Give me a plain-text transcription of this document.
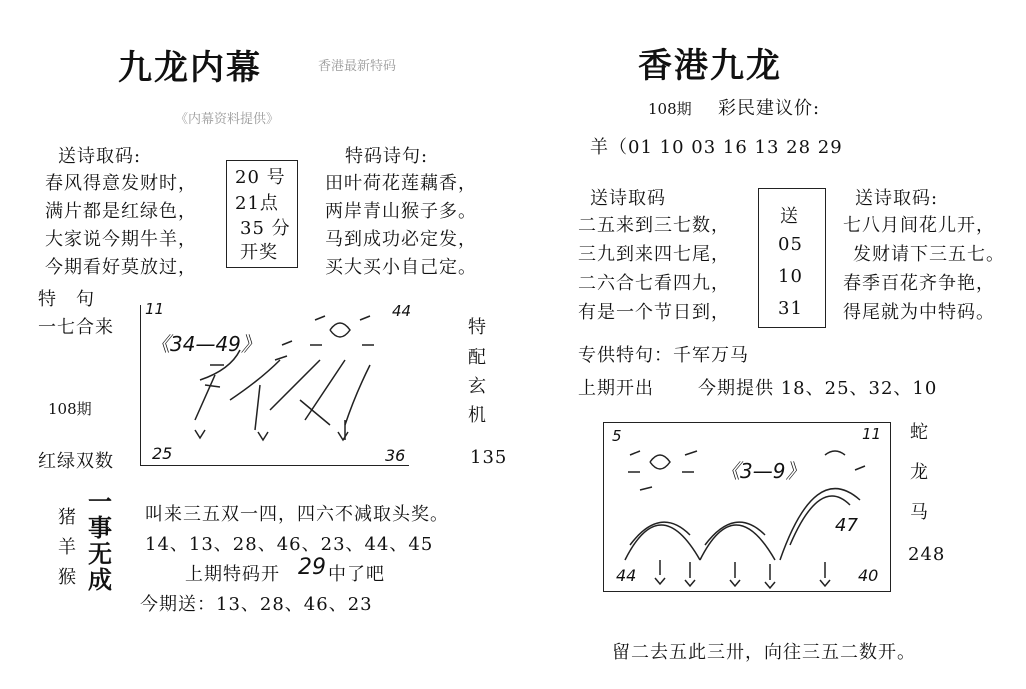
九龙内幕	香港最新特码
《内幕资料提供》
送诗取码:
春风得意发财时，
满片都是红绿色，
大家说今期牛羊，
今期看好莫放过，
20 号
21点
35 分
开奖
特码诗句:
田叶荷花莲藕香，
两岸青山猴子多。
马到成功必定发，
买大买小自己定。
特　句
一七合来
108期
红绿双数
11	44
25	36
《34—49》
特
配
玄
机
135
猪
羊
猴
一
事
无
成
叫来三五双一四，四六不减取头奖。
14、13、28、46、23、44、45
上期特码开 29 中了吧
今期送：13、28、46、23
香港九龙
108期 彩民建议价:
羊（01 10 03 16 13 28 29
送诗取码
二五来到三七数，
三九到来四七尾，
二六合七看四九，
有是一个节日到，
送
05
10
31
送诗取码:
七八月间花儿开，
发财请下三五七。
春季百花齐争艳，
得尾就为中特码。
专供特句：千军万马
上期开出 今期提供 18、25、32、10
5	11
44	40
《3—9》
47
蛇
龙
马
248
留二去五此三卅，向往三五二数开。
